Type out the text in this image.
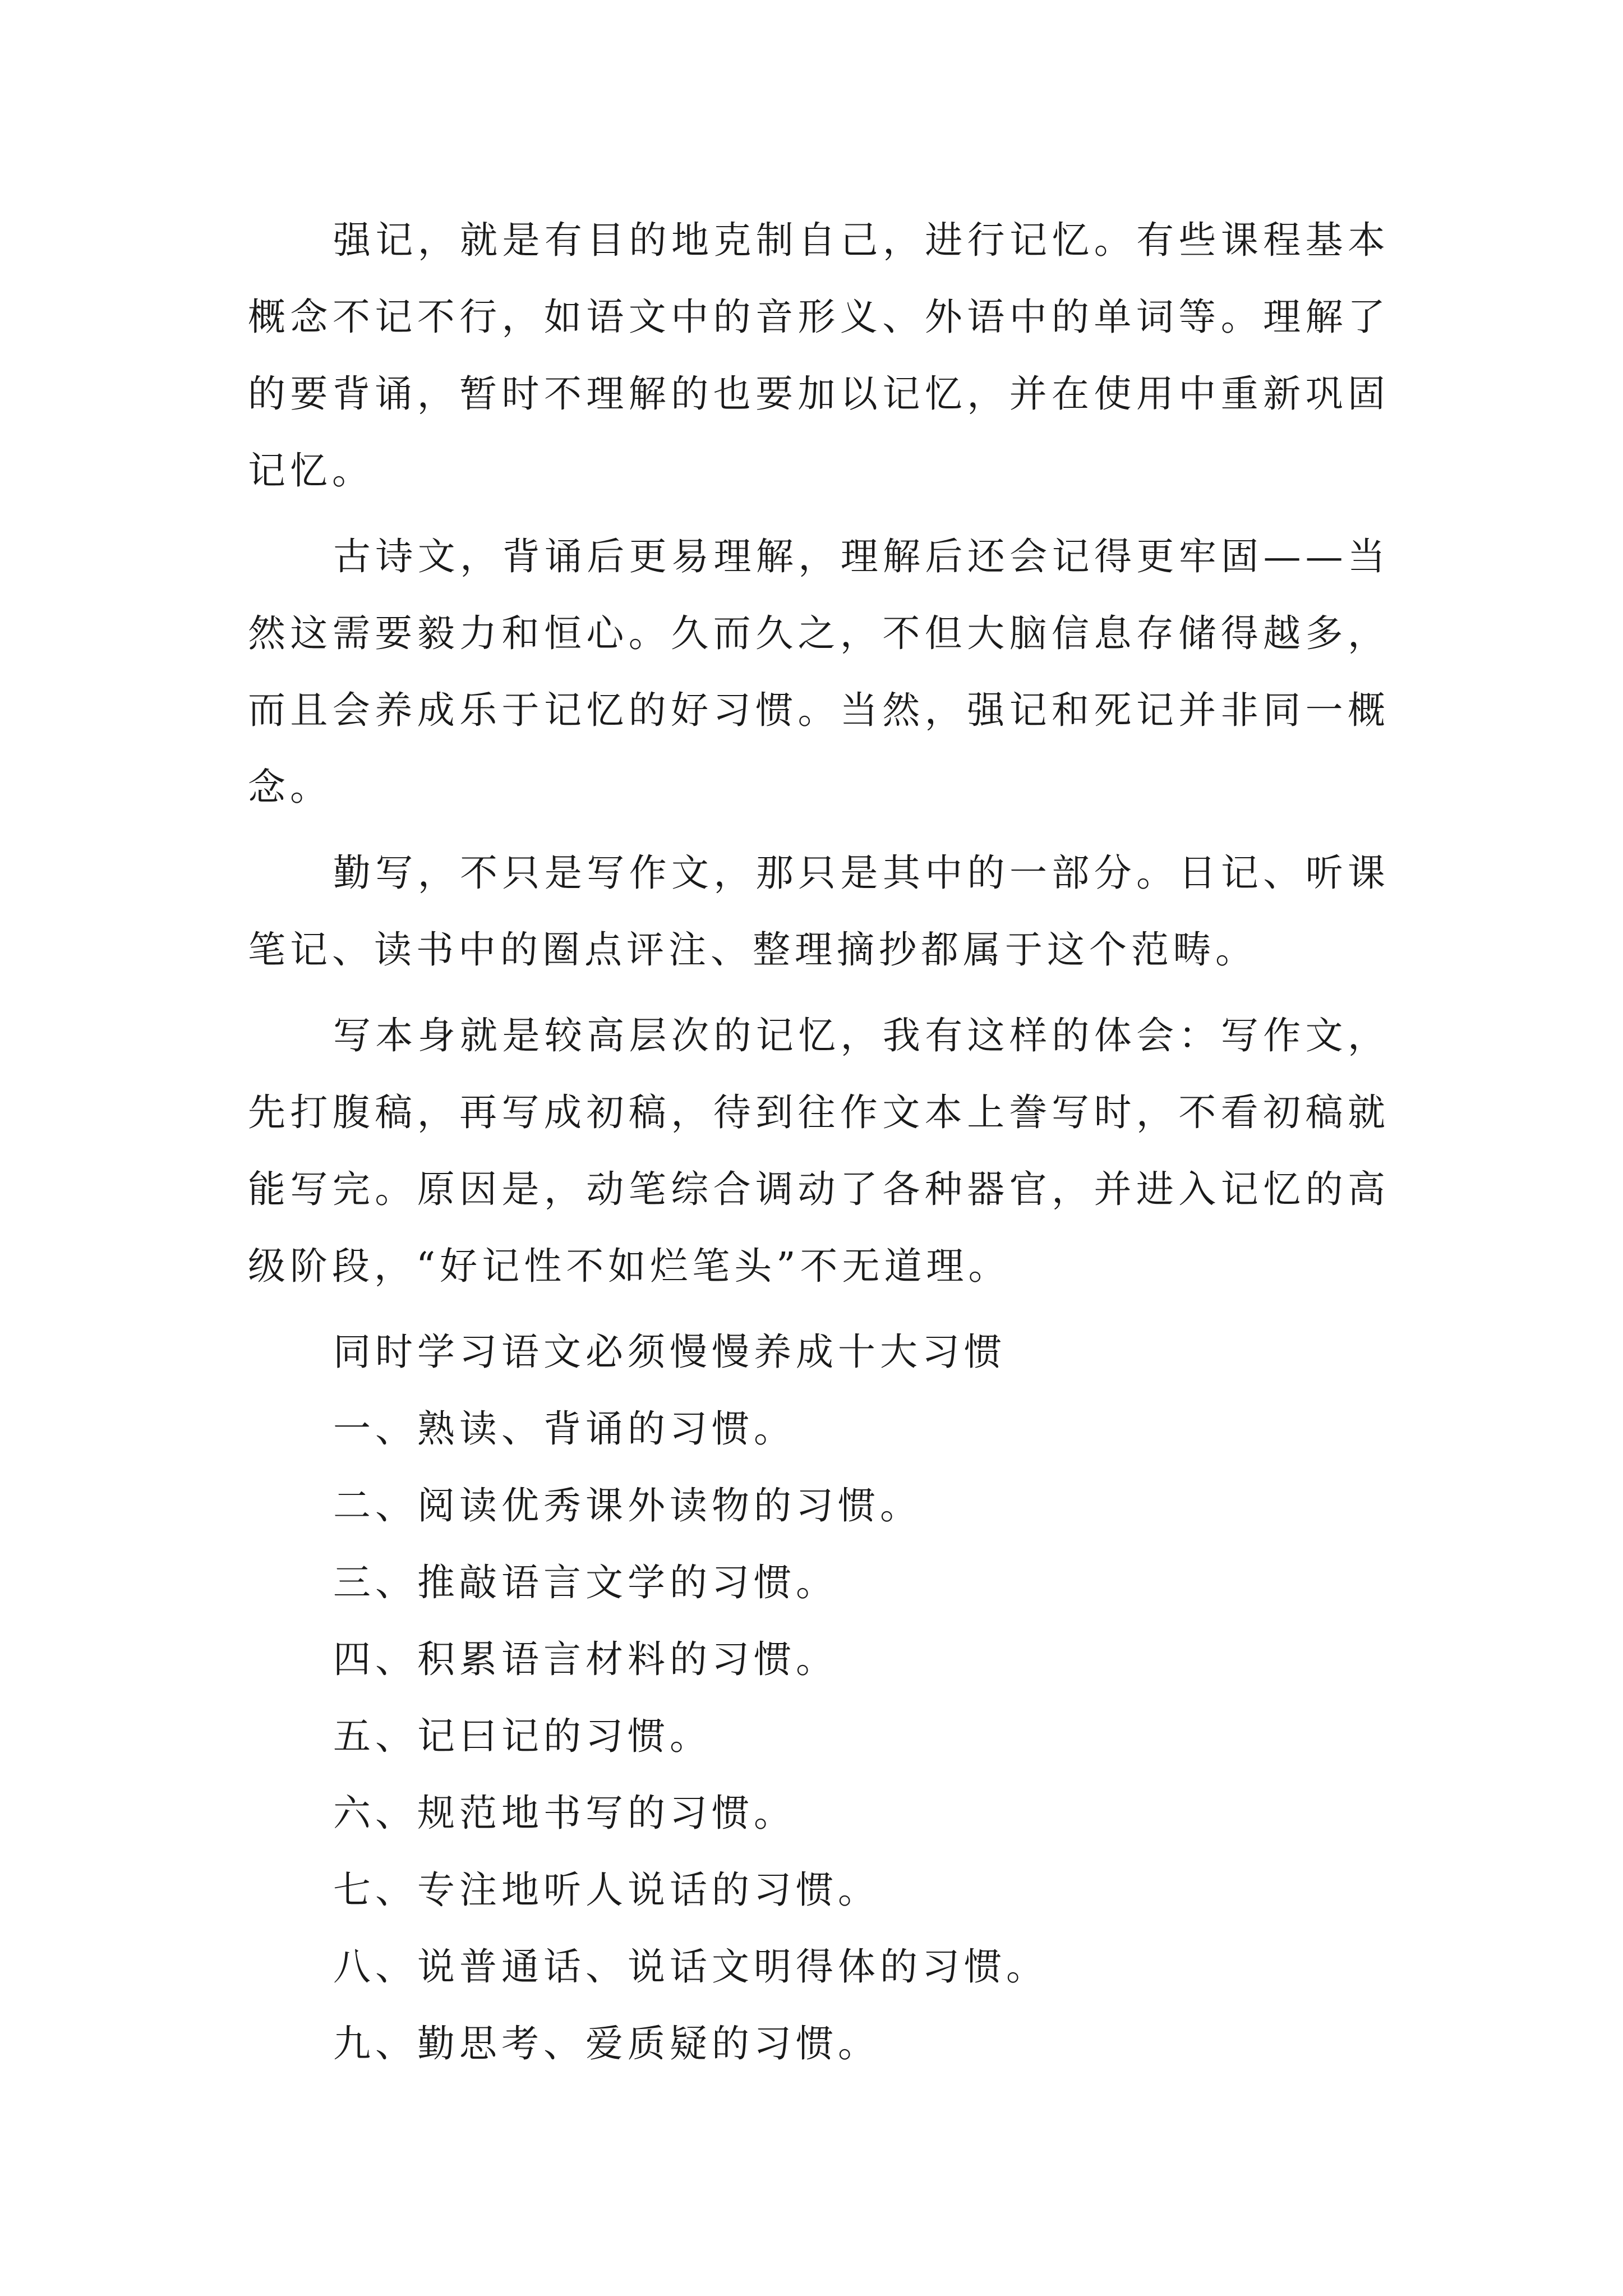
强记，就是有目的地克制自己，进行记忆。有些课程基本概念不记不行，如语文中的音形义、外语中的单词等。理解了的要背诵，暂时不理解的也要加以记忆，并在使用中重新巩固记忆。

古诗文，背诵后更易理解，理解后还会记得更牢固——当然这需要毅力和恒心。久而久之，不但大脑信息存储得越多，而且会养成乐于记忆的好习惯。当然，强记和死记并非同一概念。

勤写，不只是写作文，那只是其中的一部分。日记、听课笔记、读书中的圈点评注、整理摘抄都属于这个范畴。

写本身就是较高层次的记忆，我有这样的体会：写作文，先打腹稿，再写成初稿，待到往作文本上誊写时，不看初稿就能写完。原因是，动笔综合调动了各种器官，并进入记忆的高级阶段，“好记性不如烂笔头”不无道理。

同时学习语文必须慢慢养成十大习惯

一、熟读、背诵的习惯。
二、阅读优秀课外读物的习惯。
三、推敲语言文学的习惯。
四、积累语言材料的习惯。
五、记曰记的习惯。
六、规范地书写的习惯。
七、专注地听人说话的习惯。
八、说普通话、说话文明得体的习惯。
九、勤思考、爱质疑的习惯。
